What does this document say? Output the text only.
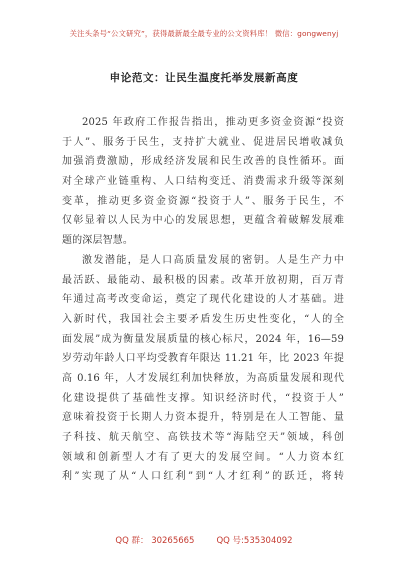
关注头条号“公文研究”，获得最新最全最专业的公文资料库！ 微信：gongwenyj
申论范文：让民生温度托举发展新高度
2025 年政府工作报告指出，推动更多资金资源“投资
于人”、服务于民生，支持扩大就业、促进居民增收减负
加强消费激励，形成经济发展和民生改善的良性循环。面
对全球产业链重构、人口结构变迁、消费需求升级等深刻
变革，推动更多资金资源“投资于人”、服务于民生，不
仅彰显着以人民为中心的发展思想，更蕴含着破解发展难
题的深层智慧。
激发潜能，是人口高质量发展的密钥。人是生产力中
最活跃、最能动、最积极的因素。改革开放初期，百万青
年通过高考改变命运，奠定了现代化建设的人才基础。进
入新时代，我国社会主要矛盾发生历史性变化，“人的全
面发展”成为衡量发展质量的核心标尺，2024 年，16—59
岁劳动年龄人口平均受教育年限达 11.21 年，比 2023 年提
高 0.16 年，人才发展红利加快释放，为高质量发展和现代
化建设提供了基础性支撑。知识经济时代，“投资于人”
意味着投资于长期人力资本提升，特别是在人工智能、量
子科技、航天航空、高铁技术等“海陆空天”领域，科创
领域和创新型人才有了更大的发展空间。“人力资本红
利”实现了从“人口红利”到“人才红利”的跃迁，将转
QQ 群： 30265665	QQ 号:535304092
